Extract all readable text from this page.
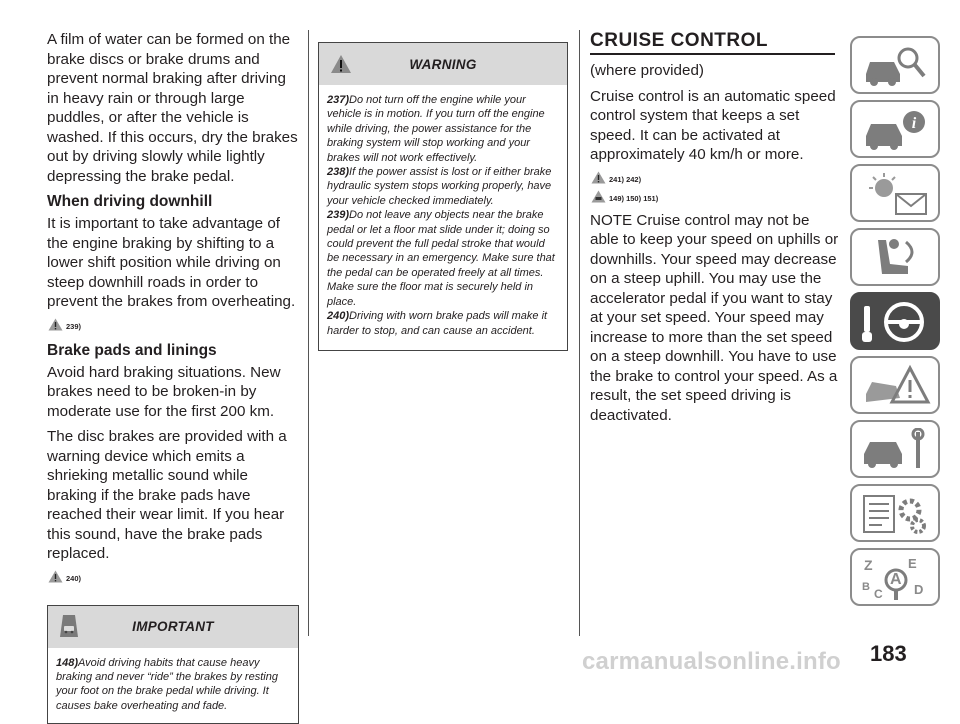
A film of water can be formed on the brake discs or brake drums and prevent normal braking after driving in heavy rain or through large puddles, or after the vehicle is washed. If this occurs, dry the brakes out by driving slowly while lightly depressing the brake pedal.

When driving downhill

It is important to take advantage of the engine braking by shifting to a lower shift position while driving on steep downhill roads in order to prevent the brakes from overheating.

239)
Brake pads and linings

Avoid hard braking situations. New brakes need to be broken-in by moderate use for the first 200 km.

The disc brakes are provided with a warning device which emits a shrieking metallic sound while braking if the brake pads have reached their wear limit. If you hear this sound, have the brake pads replaced.

240)
IMPORTANT
148)Avoid driving habits that cause heavy braking and never “ride” the brakes by resting your foot on the brake pedal while driving. It causes bake overheating and fade.
WARNING
237)Do not turn off the engine while your vehicle is in motion. If you turn off the engine while driving, the power assistance for the braking system will stop working and your brakes will not work effectively.
238)If the power assist is lost or if either brake hydraulic system stops working properly, have your vehicle checked immediately.
239)Do not leave any objects near the brake pedal or let a floor mat slide under it; doing so could prevent the full pedal stroke that would be necessary in an emergency. Make sure that the pedal can be operated freely at all times. Make sure the floor mat is securely held in place.
240)Driving with worn brake pads will make it harder to stop, and can cause an accident.
CRUISE CONTROL

(where provided)

Cruise control is an automatic speed control system that keeps a set speed. It can be activated at approximately 40 km/h or more.

241) 242)
149) 150) 151)

NOTE Cruise control may not be able to keep your speed on uphills or downhills. Your speed may decrease on a steep uphill. You may use the accelerator pedal if you want to stay at your set speed. Your speed may increase to more than the set speed on a steep downhill. You have to use the brake to control your speed. As a result, the set speed driving is deactivated.

i
Z	E
A
B C D
183
carmanualsonline.info
